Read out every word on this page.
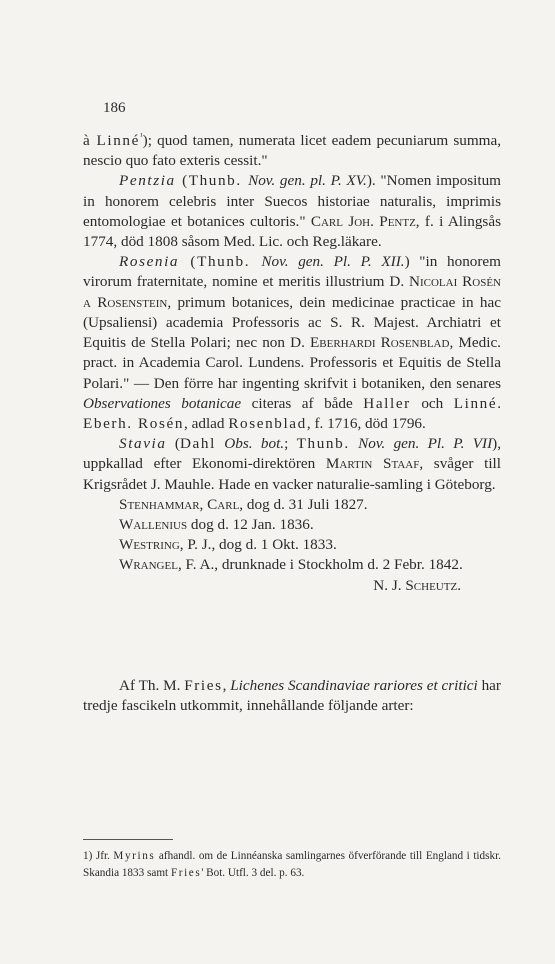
186

à Linné$^{^1}$); quod tamen, numerata licet eadem pecuniarum summa, nescio quo fato exteris cessit."

Pentzia (Thunb. Nov. gen. pl. P. XV.). "Nomen impositum in honorem celebris inter Suecos historiae naturalis, imprimis entomologiae et botanices cultoris." Carl Joh. Pentz, f. i Alingsås 1774, död 1808 såsom Med. Lic. och Reg.läkare.

Rosenia (Thunb. Nov. gen. Pl. P. XII.) "in honorem virorum fraternitate, nomine et meritis illustrium D. Nicolai Rosén a Rosenstein, primum botanices, dein medicinae practicae in hac (Upsaliensi) academia Professoris ac S. R. Majest. Archiatri et Equitis de Stella Polari; nec non D. Eberhardi Rosenblad, Medic. pract. in Academia Carol. Lundens. Professoris et Equitis de Stella Polari." — Den förre har ingenting skrifvit i botaniken, den senares Observationes botanicae citeras af både Haller och Linné. Eberh. Rosén, adlad Rosenblad, f. 1716, död 1796.

Stavia (Dahl Obs. bot.; Thunb. Nov. gen. Pl. P. VII), uppkallad efter Ekonomi-direktören Martin Staaf, svåger till Krigsrådet J. Mauhle. Hade en vacker naturalie-samling i Göteborg.

Stenhammar, Carl, dog d. 31 Juli 1827.

Wallenius dog d. 12 Jan. 1836.

Westring, P. J., dog d. 1 Okt. 1833.

Wrangel, F. A., drunknade i Stockholm d. 2 Febr. 1842.

N. J. Scheutz.

Af Th. M. Fries, Lichenes Scandinaviae rariores et critici har tredje fascikeln utkommit, innehållande följande arter:

1) Jfr. Myrins afhandl. om de Linnéanska samlingarnes öfverförande till England i tidskr. Skandia 1833 samt Fries' Bot. Utfl. 3 del. p. 63.
